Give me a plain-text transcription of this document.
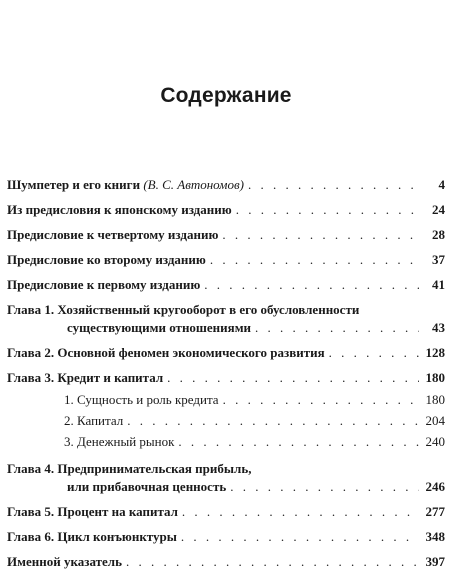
Содержание
Шумпетер и его книги (В. С. Автономов) . . .	4
Из предисловия к японскому изданию . . .	24
Предисловие к четвертому изданию . . .	28
Предисловие ко второму изданию . . .	37
Предисловие к первому изданию . . .	41
Глава 1. Хозяйственный кругооборот в его обусловленности
существующими отношениями . . .	43
Глава 2. Основной феномен экономического развития . . .	128
Глава 3. Кредит и капитал . . .	180
1. Сущность и роль кредита . . .	180
2. Капитал . . .	204
3. Денежный рынок . . .	240
Глава 4. Предпринимательская прибыль,
или прибавочная ценность . . .	246
Глава 5. Процент на капитал . . .	277
Глава 6. Цикл конъюнктуры . . .	348
Именной указатель . . .	397
